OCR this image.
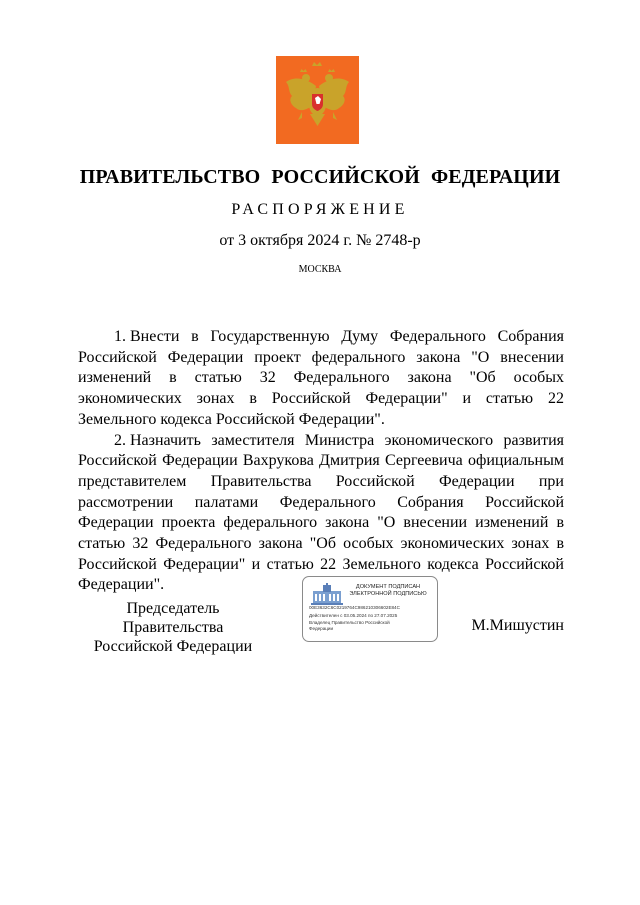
ПРАВИТЕЛЬСТВО РОССИЙСКОЙ ФЕДЕРАЦИИ
РАСПОРЯЖЕНИЕ
от 3 октября 2024 г. № 2748-р
МОСКВА

1. Внести в Государственную Думу Федерального Собрания Российской Федерации проект федерального закона "О внесении изменений в статью 32 Федерального закона "Об особых экономических зонах в Российской Федерации" и статью 22 Земельного кодекса Российской Федерации".

2. Назначить заместителя Министра экономического развития Российской Федерации Вахрукова Дмитрия Сергеевича официальным представителем Правительства Российской Федерации при рассмотрении палатами Федерального Собрания Российской Федерации проекта федерального закона "О внесении изменений в статью 32 Федерального закона "Об особых экономических зонах в Российской Федерации" и статью 22 Земельного кодекса Российской Федерации".

Председатель Правительства
Российской Федерации
ДОКУМЕНТ ПОДПИСАН
ЭЛЕКТРОННОЙ ПОДПИСЬЮ
00E3632C6C0219764C986210306602E84C
Действителен с 03.05.2024 по 27.07.2025
Владелец Правительство Российской
Федерации	М.Мишустин
